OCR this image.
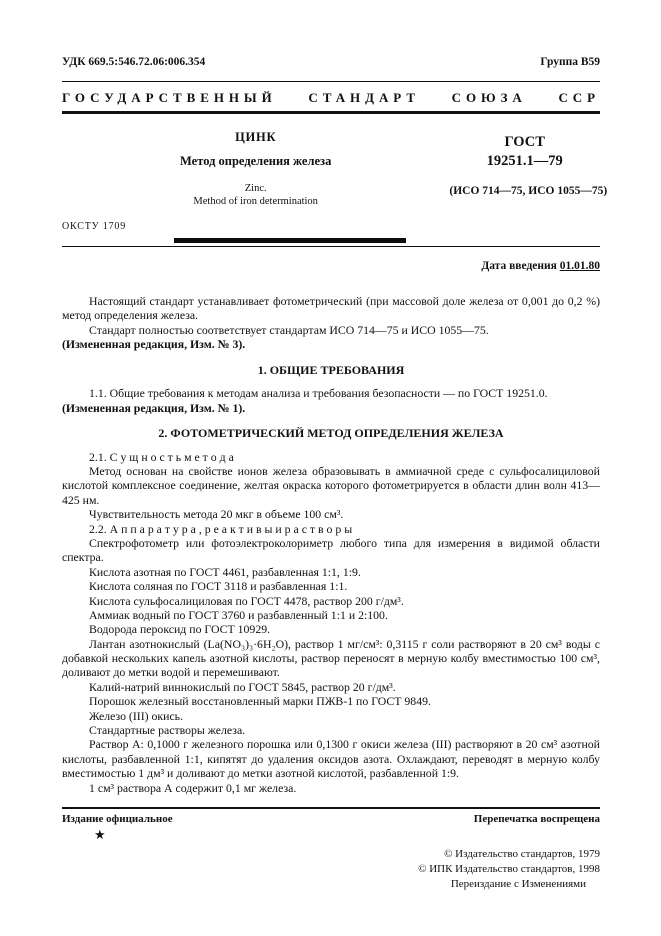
УДК 669.5:546.72.06:006.354	Группа В59
ГОСУДАРСТВЕННЫЙ СТАНДАРТ СОЮЗА ССР
ЦИНК
Метод определения железа
Zinc.
Method of iron determination
ГОСТ
19251.1—79
(ИСО 714—75, ИСО 1055—75)
ОКСТУ 1709
Дата введения 01.01.80

Настоящий стандарт устанавливает фотометрический (при массовой доле железа от 0,001 до 0,2 %) метод определения железа.

Стандарт полностью соответствует стандартам ИСО 714—75 и ИСО 1055—75.

(Измененная редакция, Изм. № 3).

1. ОБЩИЕ ТРЕБОВАНИЯ

1.1. Общие требования к методам анализа и требования безопасности — по ГОСТ 19251.0.

(Измененная редакция, Изм. № 1).

2. ФОТОМЕТРИЧЕСКИЙ МЕТОД ОПРЕДЕЛЕНИЯ ЖЕЛЕЗА

2.1. С у щ н о с т ь м е т о д а

Метод основан на свойстве ионов железа образовывать в аммиачной среде с сульфосалициловой кислотой комплексное соединение, желтая окраска которого фотометрируется в области длин волн 413—425 нм.

Чувствительность метода 20 мкг в объеме 100 см³.

2.2. А п п а р а т у р а , р е а к т и в ы и р а с т в о р ы

Спектрофотометр или фотоэлектроколориметр любого типа для измерения в видимой области спектра.

Кислота азотная по ГОСТ 4461, разбавленная 1:1, 1:9.

Кислота соляная по ГОСТ 3118 и разбавленная 1:1.

Кислота сульфосалициловая по ГОСТ 4478, раствор 200 г/дм³.

Аммиак водный по ГОСТ 3760 и разбавленный 1:1 и 2:100.

Водорода пероксид по ГОСТ 10929.

Лантан азотнокислый (La(NO₃)₃·6H₂O), раствор 1 мг/см³: 0,3115 г соли растворяют в 20 см³ воды с добавкой нескольких капель азотной кислоты, раствор переносят в мерную колбу вместимостью 100 см³, доливают до метки водой и перемешивают.

Калий-натрий виннокислый по ГОСТ 5845, раствор 20 г/дм³.

Порошок железный восстановленный марки ПЖВ-1 по ГОСТ 9849.

Железо (III) окись.

Стандартные растворы железа.

Раствор А: 0,1000 г железного порошка или 0,1300 г окиси железа (III) растворяют в 20 см³ азотной кислоты, разбавленной 1:1, кипятят до удаления оксидов азота. Охлаждают, переводят в мерную колбу вместимостью 1 дм³ и доливают до метки азотной кислотой, разбавленной 1:9.

1 см³ раствора А содержит 0,1 мг железа.

Издание официальное	Перепечатка воспрещена
★
© Издательство стандартов, 1979
© ИПК Издательство стандартов, 1998
Переиздание с Изменениями
